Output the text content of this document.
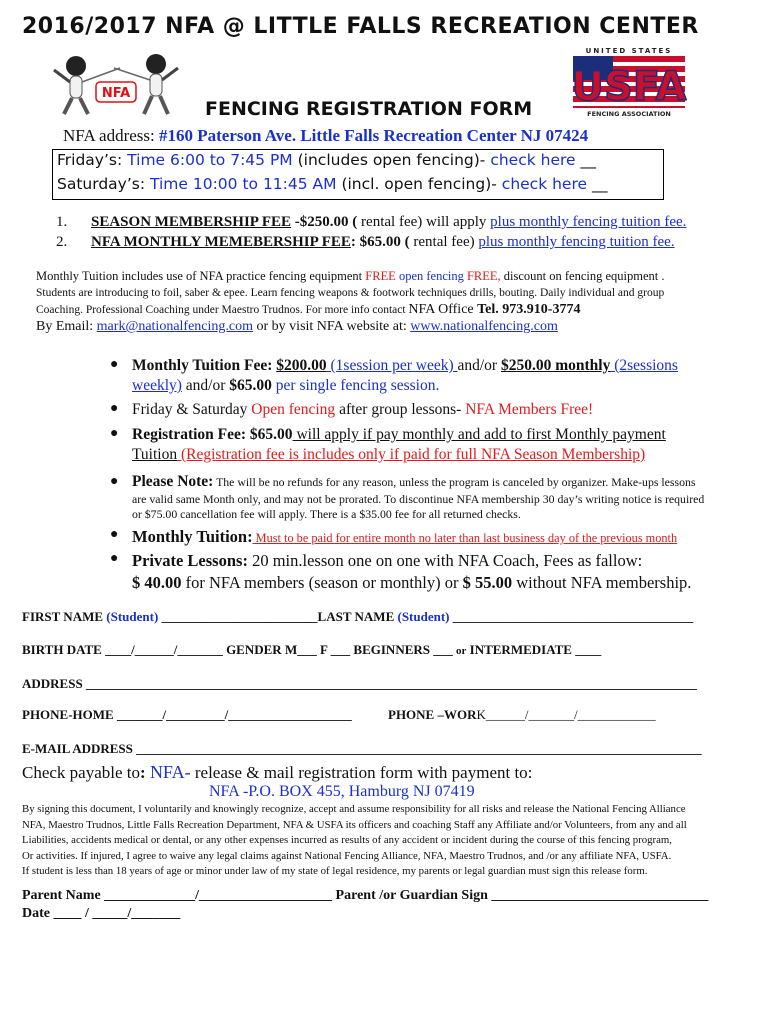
2016/2017 NFA @ LITTLE FALLS RECREATION CENTER
NFA
UNITED STATES
USFA
FENCING ASSOCIATION
FENCING REGISTRATION FORM
NFA address: #160 Paterson Ave. Little Falls Recreation Center NJ 07424
Friday’s: Time 6:00 to 7:45 PM (includes open fencing)- check here __
Saturday’s: Time 10:00 to 11:45 AM (incl. open fencing)- check here __
1. SEASON MEMBERSHIP FEE -$250.00 ( rental fee) will apply plus monthly fencing tuition fee.
2. NFA MONTHLY MEMEBERSHIP FEE: $65.00 ( rental fee) plus monthly fencing tuition fee.
Monthly Tuition includes use of NFA practice fencing equipment FREE open fencing FREE, discount on fencing equipment .
Students are introducing to foil, saber & epee. Learn fencing weapons & footwork techniques drills, bouting. Daily individual and group
Coaching. Professional Coaching under Maestro Trudnos. For more info contact NFA Office Tel. 973.910-3774
By Email: mark@nationalfencing.com or by visit NFA website at: www.nationalfencing.com
● Monthly Tuition Fee: $200.00 (1session per week) and/or $250.00 monthly (2sessions
weekly) and/or $65.00 per single fencing session.
● Friday & Saturday Open fencing after group lessons- NFA Members Free!
● Registration Fee: $65.00 will apply if pay monthly and add to first Monthly payment
Tuition (Registration fee is includes only if paid for full NFA Season Membership)
● Please Note: The will be no refunds for any reason, unless the program is canceled by organizer. Make-ups lessons
are valid same Month only, and may not be prorated. To discontinue NFA membership 30 day’s writing notice is required
or $75.00 cancellation fee will apply. There is a $35.00 fee for all returned checks.
● Monthly Tuition: Must to be paid for entire month no later than last business day of the previous month
● Private Lessons: 20 min.lesson one on one with NFA Coach, Fees as fallow:
$ 40.00 for NFA members (season or monthly) or $ 55.00 without NFA membership.
FIRST NAME (Student) ________________________LAST NAME (Student) _____________________________________
BIRTH DATE ____/______/_______ GENDER M___ F ___ BEGINNERS ___ or INTERMEDIATE ____
ADDRESS ______________________________________________________________________________________________
PHONE-HOME _______/_________/___________________	PHONE –WORK______/_______/____________
E-MAIL ADDRESS _______________________________________________________________________________________
Check payable to: NFA- release & mail registration form with payment to:
NFA -P.O. BOX 455, Hamburg NJ 07419
By signing this document, I voluntarily and knowingly recognize, accept and assume responsibility for all risks and release the National Fencing Alliance
NFA, Maestro Trudnos, Little Falls Recreation Department, NFA & USFA its officers and coaching Staff any Affiliate and/or Volunteers, from any and all
Liabilities, accidents medical or dental, or any other expenses incurred as results of any accident or incident during the course of this fencing program,
Or activities. If injured, I agree to waive any legal claims against National Fencing Alliance, NFA, Maestro Trudnos, and /or any affiliate NFA, USFA.
If student is less than 18 years of age or minor under law of my state of legal residence, my parents or legal guardian must sign this release form.
Parent Name _____________/___________________ Parent /or Guardian Sign _______________________________
Date ____ / _____/_______
